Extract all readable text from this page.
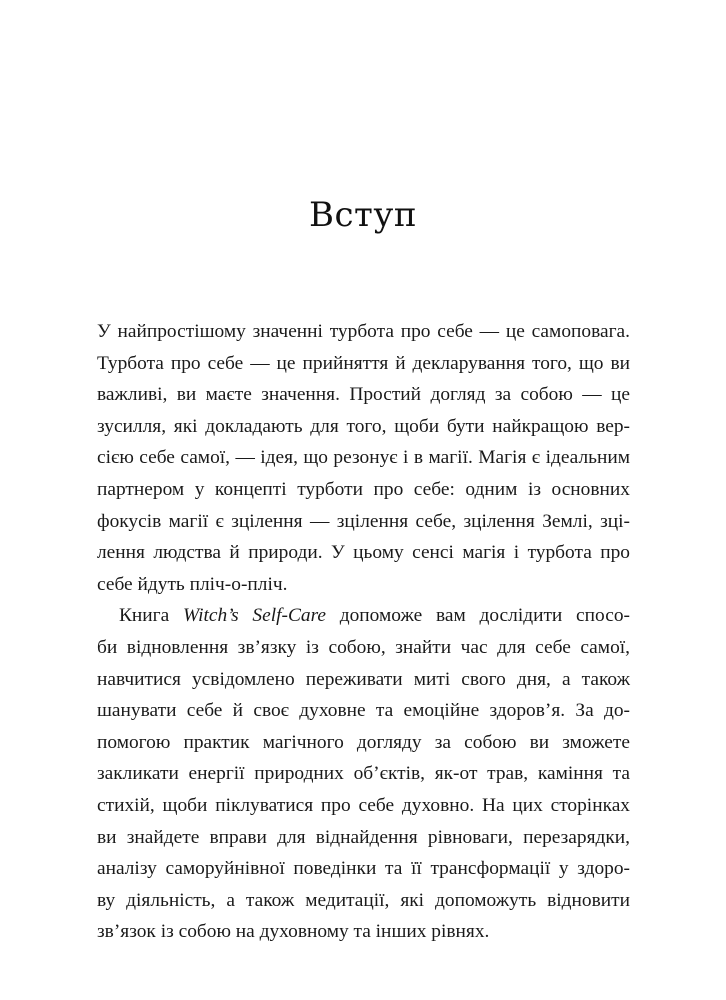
Вступ
У найпростішому значенні турбота про себе — це самоповага.
Турбота про себе — це прийняття й декларування того, що ви
важливі, ви маєте значення. Простий догляд за собою — це
зусилля, які докладають для того, щоби бути найкращою вер-
сією себе самої, — ідея, що резонує і в магії. Магія є ідеальним
партнером у концепті турботи про себе: одним із основних
фокусів магії є зцілення — зцілення себе, зцілення Землі, зці-
лення людства й природи. У цьому сенсі магія і турбота про
себе йдуть пліч-о-пліч.
Книга Witch’s Self-Care допоможе вам дослідити спосо-
би відновлення зв’язку із собою, знайти час для себе самої,
навчитися усвідомлено переживати миті свого дня, а також
шанувати себе й своє духовне та емоційне здоров’я. За до-
помогою практик магічного догляду за собою ви зможете
закликати енергії природних об’єктів, як-от трав, каміння та
стихій, щоби піклуватися про себе духовно. На цих сторінках
ви знайдете вправи для віднайдення рівноваги, перезарядки,
аналізу саморуйнівної поведінки та її трансформації у здоро-
ву діяльність, а також медитації, які допоможуть відновити
зв’язок із собою на духовному та інших рівнях.
